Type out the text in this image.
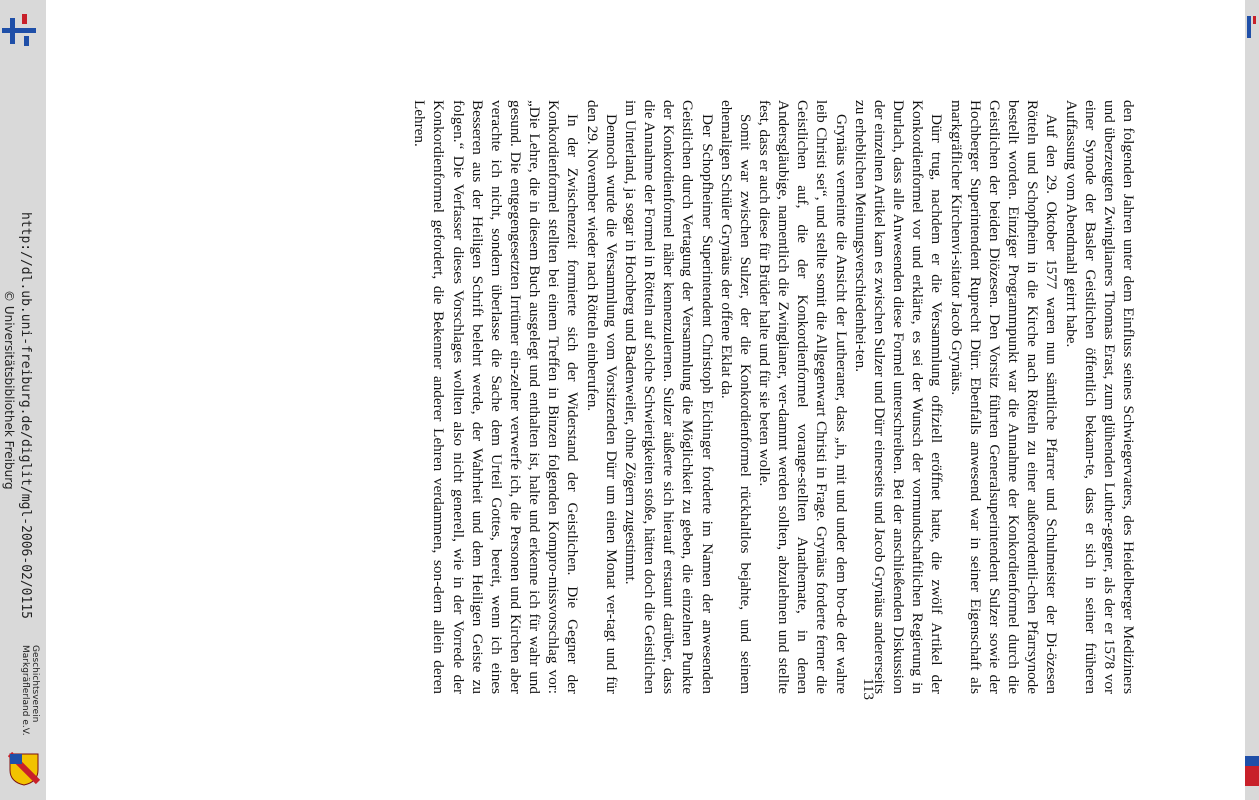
http://dl.ub.uni-freiburg.de/diglit/mgl-2006-02/0115
© Universitätsbibliothek Freiburg
Geschichtsverein
Markgräflerland e.V.	den folgenden Jahren unter dem Einfluss seines Schwiegervaters, des Heidelberger Mediziners und überzeugten Zwinglianers Thomas Erast, zum glühenden Luther-gegner, als der er 1578 vor einer Synode der Basler Geistlichen öffentlich bekann-te, dass er sich in seiner früheren Auffassung vom Abendmahl geirrt habe.

Auf den 29. Oktober 1577 waren nun sämtliche Pfarrer und Schulmeister der Di-özesen Rötteln und Schopfheim in die Kirche nach Rötteln zu einer außerordentli-chen Pfarrsynode bestellt worden. Einziger Programmpunkt war die Annahme der Konkordienformel durch die Geistlichen der beiden Diözesen. Den Vorsitz führten Generalsuperintendent Sulzer sowie der Hochberger Superintendent Ruprecht Dürr. Ebenfalls anwesend war in seiner Eigenschaft als markgräflicher Kirchenvi-sitator Jacob Grynäus.

Dürr trug, nachdem er die Versammlung offiziell eröffnet hatte, die zwölf Artikel der Konkordienformel vor und erklärte, es sei der Wunsch der vormundschaftlichen Regierung in Durlach, dass alle Anwesenden diese Formel unterschreiben. Bei der anschließenden Diskussion der einzelnen Artikel kam es zwischen Sulzer und Dürr einerseits und Jacob Grynäus andererseits zu erheblichen Meinungsverschiedenhei-ten.

Grynäus verneinte die Ansicht der Lutheraner, dass „in, mit und under dem bro-de der wahre leib Christi sei“, und stellte somit die Allgegenwart Christi in Frage. Grynäus forderte ferner die Geistlichen auf, die der Konkordienformel vorange-stellten Anathemate, in denen Andersgläubige, namentlich die Zwinglianer, ver-dammt werden sollten, abzulehnen und stellte fest, dass er auch diese für Brüder halte und für sie beten wolle.

Somit war zwischen Sulzer, der die Konkordienformel rückhaltlos bejahte, und seinem ehemaligen Schüler Grynäus der offene Eklat da.

Der Schopfheimer Superintendent Christoph Eichinger forderte im Namen der anwesenden Geistlichen durch Vertagung der Versammlung die Möglichkeit zu geben, die einzelnen Punkte der Konkordienformel näher kennenzulernen. Sulzer äußerte sich hierauf erstaunt darüber, dass die Annahme der Formel in Rötteln auf solche Schwierigkeiten stoße, hätten doch die Geistlichen im Unterland, ja sogar in Hochberg und Badenweiler, ohne Zögern zugestimmt.

Dennoch wurde die Versammlung vom Vorsitzenden Dürr um einen Monat ver-tagt und für den 29. November wieder nach Rötteln einberufen.

In der Zwischenzeit formierte sich der Widerstand der Geistlichen. Die Gegner der Konkordienformel stellten bei einem Treffen in Binzen folgenden Kompro-missvorschlag vor: „Die Lehre, die in diesem Buch ausgelegt und enthalten ist, halte und erkenne ich für wahr und gesund. Die entgegengesetzten Irrtümer ein-zelner verwerfe ich, die Personen und Kirchen aber verachte ich nicht, sondern überlasse die Sache dem Urteil Gottes, bereit, wenn ich eines Besseren aus der Heiligen Schrift belehrt werde, der Wahrheit und dem Heiligen Geiste zu folgen.“ Die Verfasser dieses Vorschlages wollten also nicht generell, wie in der Vorrede der Konkordienformel gefordert, die Bekenner anderer Lehren verdammen, son-dern allein deren Lehren.

113
